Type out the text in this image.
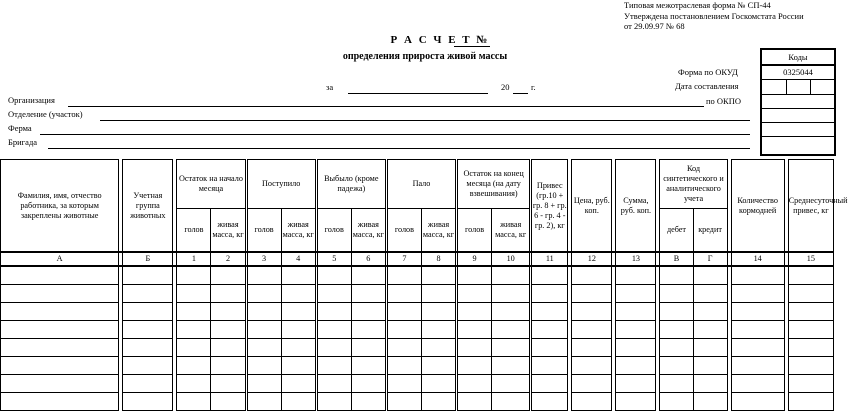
Типовая межотраслевая форма № СП-44
Утверждена постановлением Госкомстата России
от 29.09.97 № 68
Р А С Ч Е Т №
определения прироста живой массы
за	20	г.
Форма по ОКУД
Дата составления
по ОКПО
Коды
0325044
Организация
Отделение (участок)
Ферма
Бригада
Фамилия, имя, отчество работника, за которым закреплены животные		Учетная группа животных		Остаток на начало месяца			Поступило			Выбыло (кроме падежа)			Пало			Остаток на конец месяца (на дату взвешивания)			Привес (гр.10 + гр. 8 + гр. 6 - гр. 4 - гр. 2), кг		Цена, руб. коп.		Сумма, руб. коп.		Код синтетического и аналитического учета			Количество кормодней		Среднесуточный привес, кг
				голов	живая масса, кг		голов	живая масса, кг		голов	живая масса, кг		голов	живая масса, кг		голов	живая масса, кг								дебет	кредит				
А		Б		1	2		3	4		5	6		7	8		9	10		11		12		13		В	Г		14		15
